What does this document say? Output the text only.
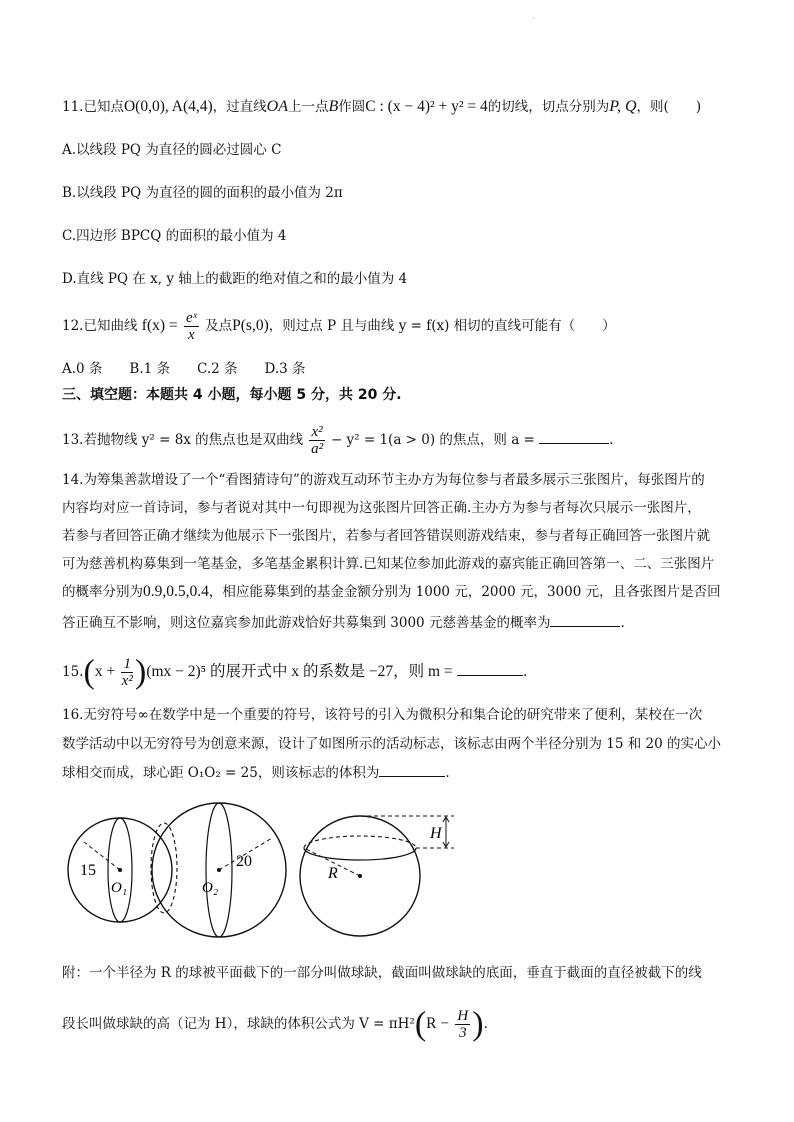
·
11.已知点O(0,0), A(4,4)，过直线OA上一点B作圆C : (x − 4)² + y² = 4的切线，切点分别为P, Q，则(　　)
A.以线段 PQ 为直径的圆必过圆心 C
B.以线段 PQ 为直径的圆的面积的最小值为 2π
C.四边形 BPCQ 的面积的最小值为 4
D.直线 PQ 在 x, y 轴上的截距的绝对值之和的最小值为 4
12.已知曲线 $f(x) = \frac{\text{eˣ}}{x}$ 及点P(s,0)，则过点 P 且与曲线 y = f(x) 相切的直线可能有（　　）
A.0 条　　B.1 条　　C.2 条　　D.3 条
三、填空题：本题共 4 小题，每小题 5 分，共 20 分.
13.若抛物线 y² = 8x 的焦点也是双曲线 $\frac{\text{x²}}{\text{a²}} - y^2 = 1(a > 0)$ 的焦点，则 a =	.
14.为筹集善款增设了一个“看图猜诗句”的游戏互动环节主办方为每位参与者最多展示三张图片，每张图片的
内容均对应一首诗词，参与者说对其中一句即视为这张图片回答正确.主办方为参与者每次只展示一张图片，
若参与者回答正确才继续为他展示下一张图片，若参与者回答错误则游戏结束，参与者每正确回答一张图片就
可为慈善机构募集到一笔基金，多笔基金累积计算.已知某位参加此游戏的嘉宾能正确回答第一、二、三张图片
的概率分别为0.9,0.5,0.4，相应能募集到的基金金额分别为 1000 元，2000 元，3000 元，且各张图片是否回
答正确互不影响，则这位嘉宾参加此游戏恰好共募集到 3000 元慈善基金的概率为	.
$15.(x + \frac{1}{\text{x²}} )(mx - 2)^5$ 的展开式中 x 的系数是 −27，则 m =	.
16.无穷符号∞在数学中是一个重要的符号，该符号的引入为微积分和集合论的研究带来了便利，某校在一次
数学活动中以无穷符号为创意来源，设计了如图所示的活动标志，该标志由两个半径分别为 15 和 20 的实心小
球相交而成，球心距 O₁O₂ = 25，则该标志的体积为	.
15
O₁
20
O₂
R
H
附：一个半径为 R 的球被平面截下的一部分叫做球缺，截面叫做球缺的底面，垂直于截面的直径被截下的线
段长叫做球缺的高（记为 H），球缺的体积公式为 $V = \pi H^2(R - \frac{H}{3}$ ).
